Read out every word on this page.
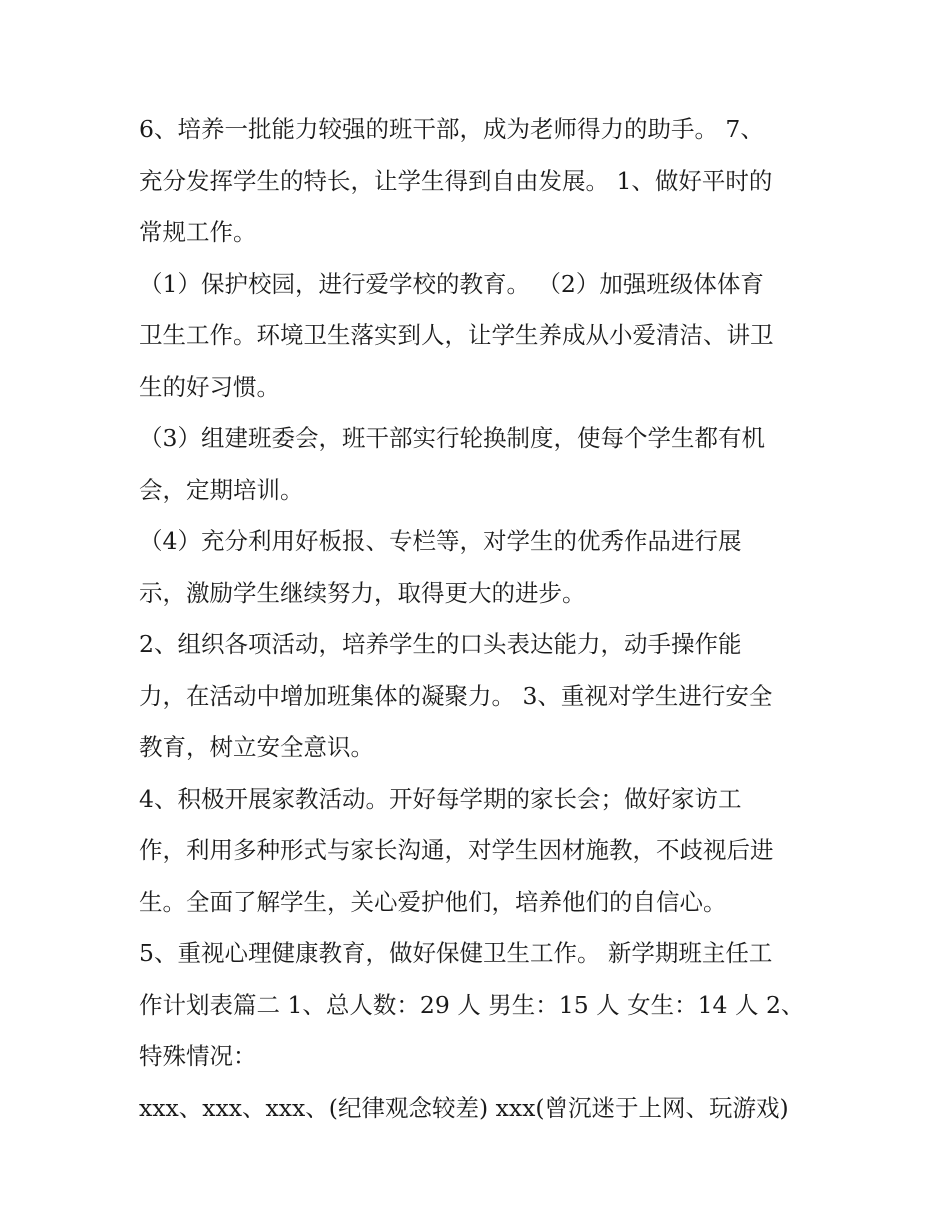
6、培养一批能力较强的班干部，成为老师得力的助手。 7、
充分发挥学生的特长，让学生得到自由发展。 1、做好平时的
常规工作。
（1）保护校园，进行爱学校的教育。 （2）加强班级体体育
卫生工作。环境卫生落实到人，让学生养成从小爱清洁、讲卫
生的好习惯。
（3）组建班委会，班干部实行轮换制度，使每个学生都有机
会，定期培训。
（4）充分利用好板报、专栏等，对学生的优秀作品进行展
示，激励学生继续努力，取得更大的进步。
2、组织各项活动，培养学生的口头表达能力，动手操作能
力，在活动中增加班集体的凝聚力。 3、重视对学生进行安全
教育，树立安全意识。
4、积极开展家教活动。开好每学期的家长会；做好家访工
作，利用多种形式与家长沟通，对学生因材施教，不歧视后进
生。全面了解学生，关心爱护他们，培养他们的自信心。
5、重视心理健康教育，做好保健卫生工作。 新学期班主任工
作计划表篇二 1、总人数：29 人 男生：15 人 女生：14 人 2、
特殊情况：
xxx、xxx、xxx、(纪律观念较差) xxx(曾沉迷于上网、玩游戏)
